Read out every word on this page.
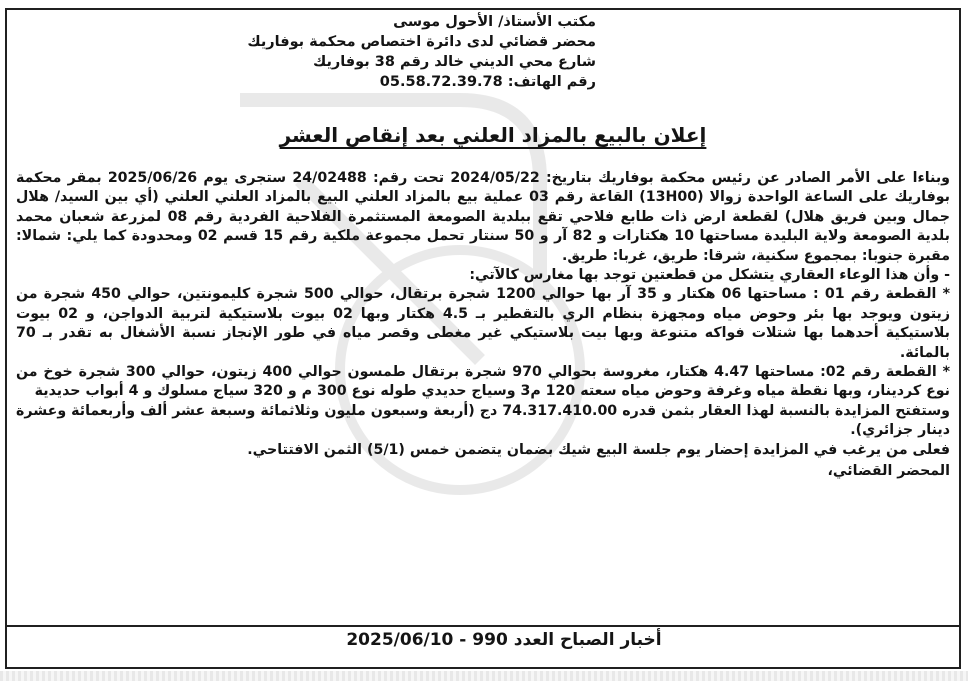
مكتب الأستاذ/ الأحول موسى
محضر قضائي لدى دائرة اختصاص محكمة بوفاريك
شارع محي الديني خالد رقم 38 بوفاريك
رقم الهاتف: 05.58.72.39.78
إعلان بالبيع بالمزاد العلني بعد إنقاص العشر

وبناءا على الأمر الصادر عن رئيس محكمة بوفاريك بتاريخ: 2024/05/22 تحت رقم: 24/02488 ستجرى يوم 2025/06/26 بمقر محكمة بوفاريك على الساعة الواحدة زوالا (13H00) القاعة رقم 03 عملية بيع بالمزاد العلني البيع بالمزاد العلني العلني (أي بين السيد/ هلال جمال وبين فريق هلال) لقطعة ارض ذات طابع فلاحي تقع ببلدية الصومعة المستثمرة الفلاحية الفردية رقم 08 لمزرعة شعبان محمد بلدية الصومعة ولاية البليدة مساحتها 10 هكتارات و 82 آر و 50 سنتار تحمل مجموعة ملكية رقم 15 قسم 02 ومحدودة كما يلي: شمالا: مقبرة جنوبا: بمجموع سكنية، شرقا: طريق، غربا: طريق.

- وأن هذا الوعاء العقاري يتشكل من قطعتين توجد بها مغارس كالآتي:

* القطعة رقم 01 : مساحتها 06 هكتار و 35 آر بها حوالي 1200 شجرة برتقال، حوالي 500 شجرة كليمونتين، حوالي 450 شجرة من زيتون ويوجد بها بئر وحوض مياه ومجهزة بنظام الري بالتقطير بـ 4.5 هكتار وبها 02 بيوت بلاستيكية لتربية الدواجن، و 02 بيوت بلاستيكية أحدهما بها شتلات فواكه متنوعة وبها بيت بلاستيكي غير مغطى وقصر مياه في طور الإنجاز نسبة الأشغال به تقدر بـ 70 بالمائة.

* القطعة رقم 02: مساحتها 4.47 هكتار، مغروسة بحوالي 970 شجرة برتقال طمسون حوالي 400 زيتون، حوالي 300 شجرة خوخ من نوع كردينار، وبها نقطة مياه وغرفة وحوض مياه سعته 120 م3 وسياج حديدي طوله نوع 300 م و 320 سياج مسلوك و 4 أبواب حديدية

وستفتح المزايدة بالنسبة لهذا العقار بثمن قدره 74.317.410.00 دج (أربعة وسبعون مليون وثلاثمائة وسبعة عشر ألف وأربعمائة وعشرة دينار جزائري).

فعلى من يرغب في المزايدة إحضار يوم جلسة البيع شيك بضمان يتضمن خمس (5/1) الثمن الافتتاحي.

المحضر القضائي،

أخبار الصباح العدد 990 - 2025/06/10
